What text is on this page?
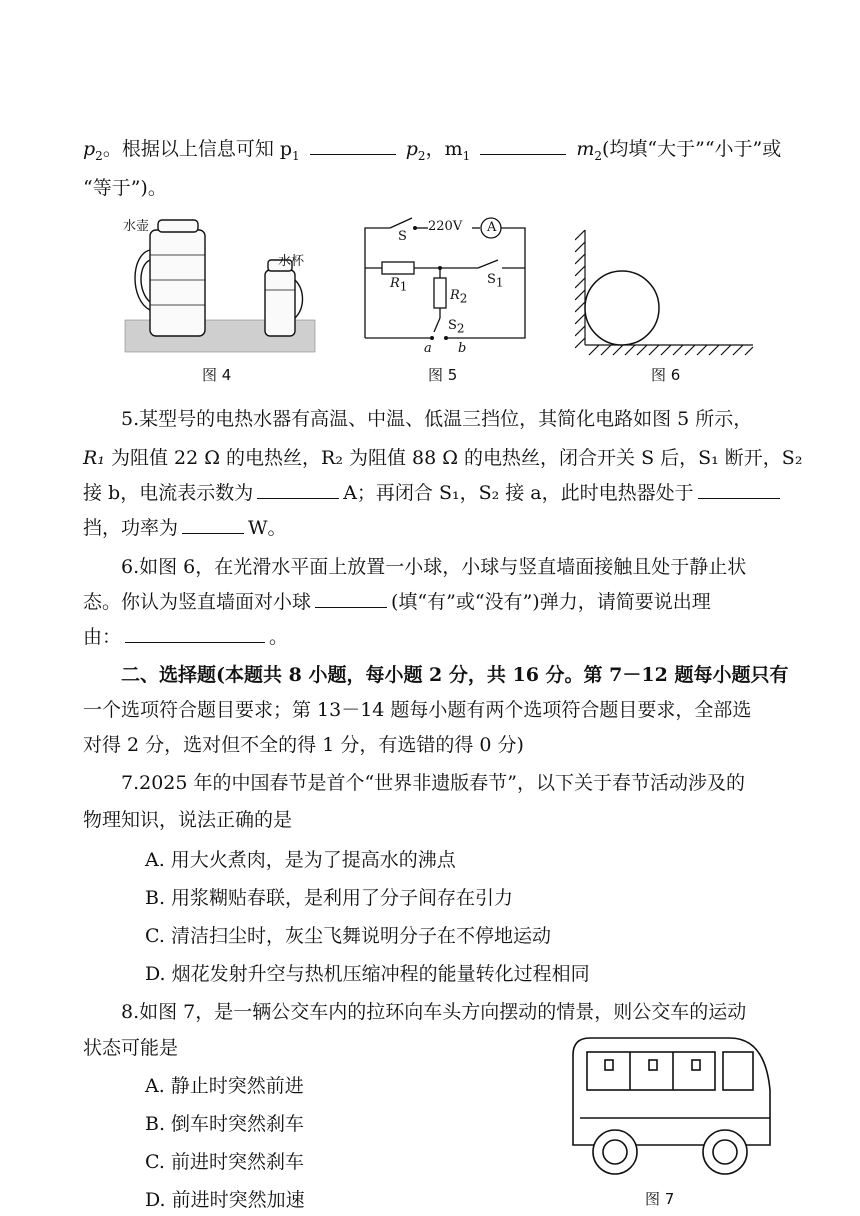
$p_2$。根据以上信息可知 $p_1$	$p_2$，$m_1$	$m_2$(均填“大于”“小于”或
“等于”)。
水壶
水杯
图 4
S
220V A
$R_1$
$R_2$
$S_1$
$S_2$
a b
图 5	图 6
5.某型号的电热水器有高温、中温、低温三挡位，其简化电路如图 5 所示，
R₁ 为阻值 22 Ω 的电热丝，R₂ 为阻值 88 Ω 的电热丝，闭合开关 S 后，S₁ 断开，S₂
接 b，电流表示数为	A；再闭合 S₁，S₂ 接 a，此时电热器处于
挡，功率为	W。
6.如图 6，在光滑水平面上放置一小球，小球与竖直墙面接触且处于静止状
态。你认为竖直墙面对小球	(填“有”或“没有”)弹力，请简要说出理
由：	。
二、选择题(本题共 8 小题，每小题 2 分，共 16 分。第 7－12 题每小题只有
一个选项符合题目要求；第 13－14 题每小题有两个选项符合题目要求，全部选
对得 2 分，选对但不全的得 1 分，有选错的得 0 分)
7.2025 年的中国春节是首个“世界非遗版春节”，以下关于春节活动涉及的
物理知识，说法正确的是
A. 用大火煮肉，是为了提高水的沸点
B. 用浆糊贴春联，是利用了分子间存在引力
C. 清洁扫尘时，灰尘飞舞说明分子在不停地运动
D. 烟花发射升空与热机压缩冲程的能量转化过程相同
8.如图 7，是一辆公交车内的拉环向车头方向摆动的情景，则公交车的运动
状态可能是
A. 静止时突然前进
B. 倒车时突然刹车
C. 前进时突然刹车
D. 前进时突然加速	图 7
